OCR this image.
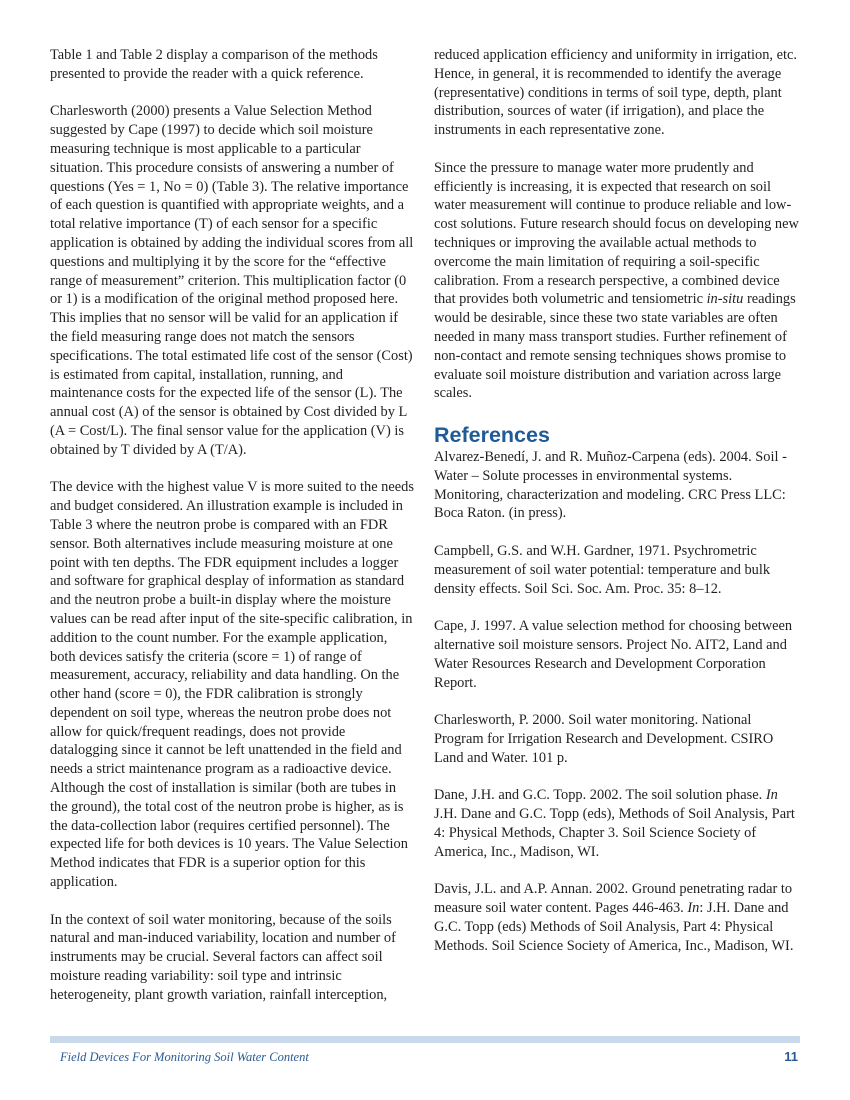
Table 1 and Table 2 display a comparison of the methods presented to provide the reader with a quick reference.

Charlesworth (2000) presents a Value Selection Method suggested by Cape (1997) to decide which soil moisture measuring technique is most applicable to a particular situation. This procedure consists of answering a number of questions (Yes = 1, No = 0) (Table 3). The relative importance of each question is quantified with appropriate weights, and a total relative importance (T) of each sensor for a specific application is obtained by adding the individual scores from all questions and multiplying it by the score for the “effective range of measurement” criterion. This multiplication factor (0 or 1) is a modification of the original method proposed here. This implies that no sensor will be valid for an application if the field measuring range does not match the sensors specifications. The total estimated life cost of the sensor (Cost) is estimated from capital, installation, running, and maintenance costs for the expected life of the sensor (L). The annual cost (A) of the sensor is obtained by Cost divided by L (A = Cost/L). The final sensor value for the application (V) is obtained by T divided by A (T/A).

The device with the highest value V is more suited to the needs and budget considered. An illustration example is included in Table 3 where the neutron probe is compared with an FDR sensor. Both alternatives include measuring moisture at one point with ten depths. The FDR equipment includes a logger and software for graphical desplay of information as standard and the neutron probe a built-in display where the moisture values can be read after input of the site-specific calibration, in addition to the count number. For the example application, both devices satisfy the criteria (score = 1) of range of measurement, accuracy, reliability and data handling. On the other hand (score = 0), the FDR calibration is strongly dependent on soil type, whereas the neutron probe does not allow for quick/frequent readings, does not provide datalogging since it cannot be left unattended in the field and needs a strict maintenance program as a radioactive device. Although the cost of installation is similar (both are tubes in the ground), the total cost of the neutron probe is higher, as is the data-collection labor (requires certified personnel). The expected life for both devices is 10 years. The Value Selection Method indicates that FDR is a superior option for this application.

In the context of soil water monitoring, because of the soils natural and man-induced variability, location and number of instruments may be crucial. Several factors can affect soil moisture reading variability: soil type and intrinsic heterogeneity, plant growth variation, rainfall interception,

reduced application efficiency and uniformity in irrigation, etc. Hence, in general, it is recommended to identify the average (representative) conditions in terms of soil type, depth, plant distribution, sources of water (if irrigation), and place the instruments in each representative zone.

Since the pressure to manage water more prudently and efficiently is increasing, it is expected that research on soil water measurement will continue to produce reliable and low-cost solutions. Future research should focus on developing new techniques or improving the available actual methods to overcome the main limitation of requiring a soil-specific calibration. From a research perspective, a combined device that provides both volumetric and tensiometric in-situ readings would be desirable, since these two state variables are often needed in many mass transport studies. Further refinement of non-contact and remote sensing techniques shows promise to evaluate soil moisture distribution and variation across large scales.

References

Alvarez-Benedí, J. and R. Muñoz-Carpena (eds). 2004. Soil - Water – Solute processes in environmental systems. Monitoring, characterization and modeling. CRC Press LLC: Boca Raton. (in press).

Campbell, G.S. and W.H. Gardner, 1971. Psychrometric measurement of soil water potential: temperature and bulk density effects. Soil Sci. Soc. Am. Proc. 35: 8–12.

Cape, J. 1997. A value selection method for choosing between alternative soil moisture sensors. Project No. AIT2, Land and Water Resources Research and Development Corporation Report.

Charlesworth, P. 2000. Soil water monitoring. National Program for Irrigation Research and Development. CSIRO Land and Water. 101 p.

Dane, J.H. and G.C. Topp. 2002. The soil solution phase. In J.H. Dane and G.C. Topp (eds), Methods of Soil Analysis, Part 4: Physical Methods, Chapter 3. Soil Science Society of America, Inc., Madison, WI.

Davis, J.L. and A.P. Annan. 2002. Ground penetrating radar to measure soil water content. Pages 446-463. In: J.H. Dane and G.C. Topp (eds) Methods of Soil Analysis, Part 4: Physical Methods. Soil Science Society of America, Inc., Madison, WI.

Field Devices For Monitoring Soil Water Content	11
